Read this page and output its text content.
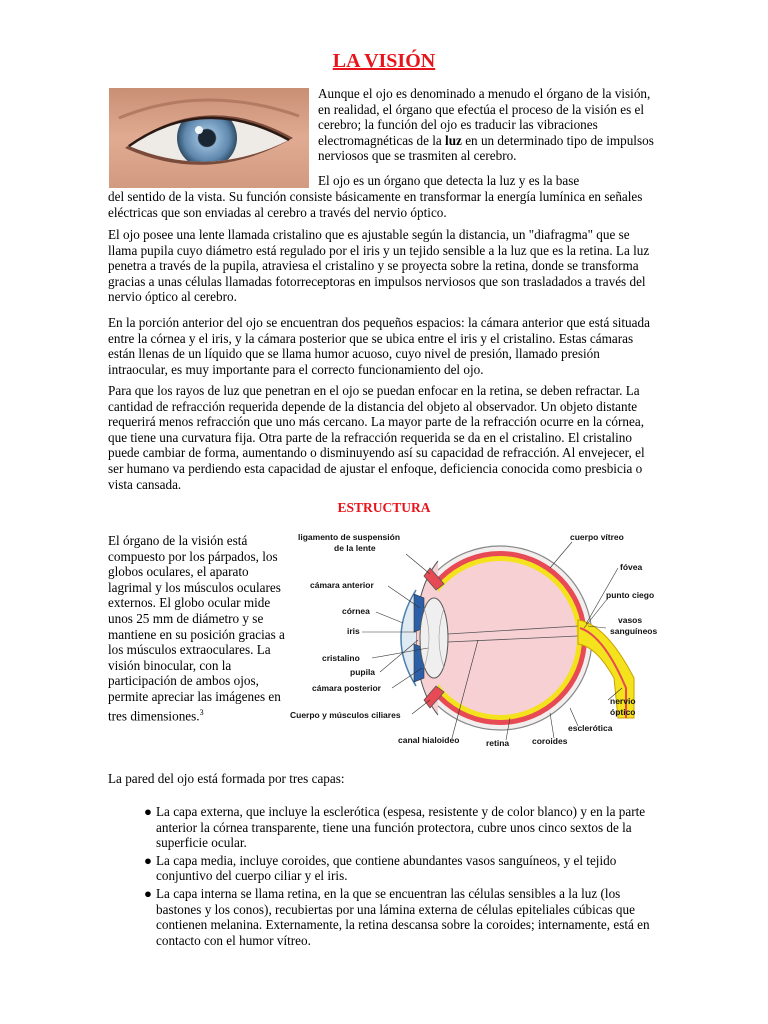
LA VISIÓN

Aunque el ojo es denominado a menudo el órgano de la visión, en realidad, el órgano que efectúa el proceso de la visión es el cerebro; la función del ojo es traducir las vibraciones electromagnéticas de la luz en un determinado tipo de impulsos nerviosos que se trasmiten al cerebro.

El ojo es un órgano que detecta la luz y es la base

del sentido de la vista. Su función consiste básicamente en transformar la energía lumínica en señales eléctricas que son enviadas al cerebro a través del nervio óptico.

El ojo posee una lente llamada cristalino que es ajustable según la distancia, un "diafragma" que se llama pupila cuyo diámetro está regulado por el iris y un tejido sensible a la luz que es la retina. La luz penetra a través de la pupila, atraviesa el cristalino y se proyecta sobre la retina, donde se transforma gracias a unas células llamadas fotorreceptoras en impulsos nerviosos que son trasladados a través del nervio óptico al cerebro.

En la porción anterior del ojo se encuentran dos pequeños espacios: la cámara anterior que está situada entre la córnea y el iris, y la cámara posterior que se ubica entre el iris y el cristalino. Estas cámaras están llenas de un líquido que se llama humor acuoso, cuyo nivel de presión, llamado presión intraocular, es muy importante para el correcto funcionamiento del ojo.

Para que los rayos de luz que penetran en el ojo se puedan enfocar en la retina, se deben refractar. La cantidad de refracción requerida depende de la distancia del objeto al observador. Un objeto distante requerirá menos refracción que uno más cercano. La mayor parte de la refracción ocurre en la córnea, que tiene una curvatura fija. Otra parte de la refracción requerida se da en el cristalino. El cristalino puede cambiar de forma, aumentando o disminuyendo así su capacidad de refracción. Al envejecer, el ser humano va perdiendo esta capacidad de ajustar el enfoque, deficiencia conocida como presbicia o vista cansada.

ESTRUCTURA
El órgano de la visión está compuesto por los párpados, los globos oculares, el aparato lagrimal y los músculos oculares externos. El globo ocular mide unos 25 mm de diámetro y se mantiene en su posición gracias a los músculos extraoculares. La visión binocular, con la participación de ambos ojos, permite apreciar las imágenes en tres dimensiones.$^3$
ligamento de suspensión
de la lente
cámara anterior
córnea
iris
cristalino
pupila
cámara posterior
Cuerpo y músculos ciliares
canal hialoideo	retina	coroides
esclerótica
nervio
óptico
cuerpo vítreo
fóvea
punto ciego
vasos
sanguíneos

La pared del ojo está formada por tres capas:

● La capa externa, que incluye la esclerótica (espesa, resistente y de color blanco) y en la parte anterior la córnea transparente, tiene una función protectora, cubre unos cinco sextos de la superficie ocular.
● La capa media, incluye coroides, que contiene abundantes vasos sanguíneos, y el tejido conjuntivo del cuerpo ciliar y el iris.
● La capa interna se llama retina, en la que se encuentran las células sensibles a la luz (los bastones y los conos), recubiertas por una lámina externa de células epiteliales cúbicas que contienen melanina. Externamente, la retina descansa sobre la coroides; internamente, está en contacto con el humor vítreo.
